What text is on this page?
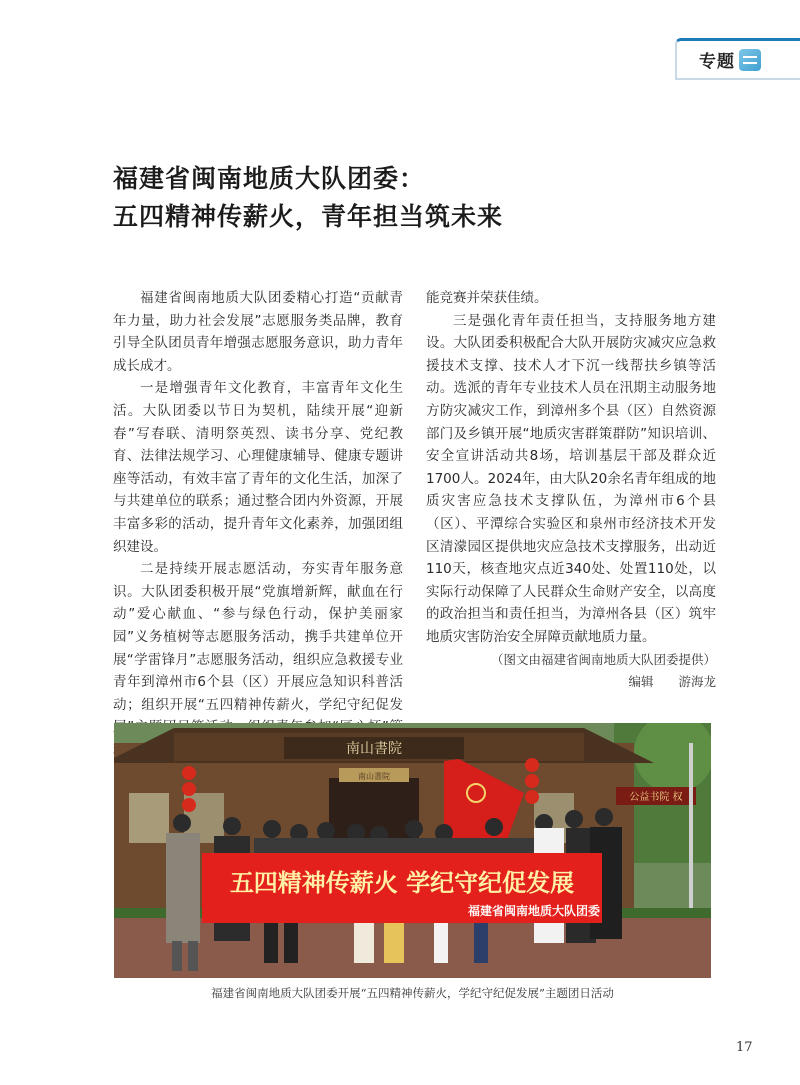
专题
福建省闽南地质大队团委：
五四精神传薪火，青年担当筑未来

福建省闽南地质大队团委精心打造“贡献青年力量，助力社会发展”志愿服务类品牌，教育引导全队团员青年增强志愿服务意识，助力青年成长成才。

一是增强青年文化教育，丰富青年文化生活。大队团委以节日为契机，陆续开展“迎新春”写春联、清明祭英烈、读书分享、党纪教育、法律法规学习、心理健康辅导、健康专题讲座等活动，有效丰富了青年的文化生活，加深了与共建单位的联系；通过整合团内外资源，开展丰富多彩的活动，提升青年文化素养，加强团组织建设。

二是持续开展志愿活动，夯实青年服务意识。大队团委积极开展“党旗增新辉，献血在行动”爱心献血、“参与绿色行动，保护美丽家园”义务植树等志愿服务活动，携手共建单位开展“学雷锋月”志愿服务活动，组织应急救援专业青年到漳州市6个县（区）开展应急知识科普活动；组织开展“五四精神传薪火，学纪守纪促发

能竞赛并荣获佳绩。

三是强化青年责任担当，支持服务地方建设。大队团委积极配合大队开展防灾减灾应急救援技术支撑、技术人才下沉一线帮扶乡镇等活动。选派的青年专业技术人员在汛期主动服务地方防灾减灾工作，到漳州多个县（区）自然资源部门及乡镇开展“地质灾害群策群防”知识培训、安全宣讲活动共8场，培训基层干部及群众近1700人。2024年，由大队20余名青年组成的地质灾害应急技术支撑队伍，为漳州市6个县（区）、平潭综合实验区和泉州市经济技术开发区清濛园区提供地灾应急技术支撑服务，出动近110天，核查地灾点近340处、处置110处，以实际行动保障了人民群众生命财产安全，以高度的政治担当和责任担当，为漳州各县（区）筑牢地质灾害防治安全屏障贡献地质力量。

（图文由福建省闽南地质大队团委提供）
编辑　　游海龙
南山書院
南山書院
公益书院 权
五四精神传薪火 学纪守纪促发展
福建省闽南地质大队团委
福建省闽南地质大队团委开展“五四精神传薪火，学纪守纪促发展”主题团日活动
17
